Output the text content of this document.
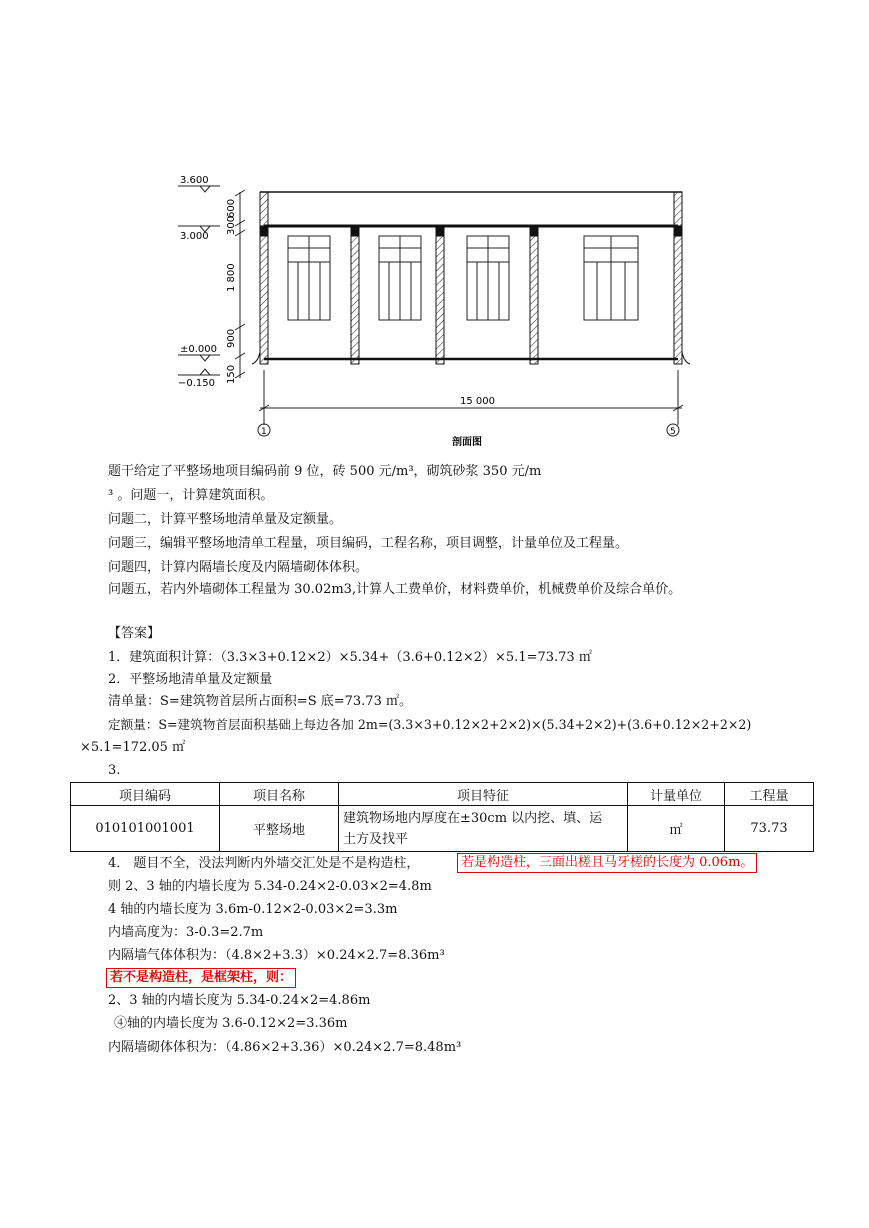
3.600
3.000
±0.000
−0.150
600
300
1 800
900
150
15 000
1	5
剖面图
题干给定了平整场地项目编码前 9 位，砖 500 元/m³，砌筑砂浆 350 元/m
³ 。问题一，计算建筑面积。
问题二，计算平整场地清单量及定额量。
问题三，编辑平整场地清单工程量，项目编码，工程名称，项目调整，计量单位及工程量。
问题四，计算内隔墙长度及内隔墙砌体体积。
问题五，若内外墙砌体工程量为 30.02m3,计算人工费单价，材料费单价，机械费单价及综合单价。
【答案】
1．建筑面积计算：（3.3×3+0.12×2）×5.34+（3.6+0.12×2）×5.1=73.73 ㎡
2．平整场地清单量及定额量
清单量：S=建筑物首层所占面积=S 底=73.73 ㎡。
定额量：S=建筑物首层面积基础上每边各加 2m=(3.3×3+0.12×2+2×2)×(5.34+2×2)+(3.6+0.12×2+2×2)
×5.1=172.05 ㎡
3.
项目编码	项目名称	项目特征	计量单位	工程量
010101001001	平整场地	建筑物场地内厚度在±30cm 以内挖、填、运
土方及找平	㎡	73.73
4． 题目不全，没法判断内外墙交汇处是不是构造柱，	若是构造柱，三面出槎且马牙槎的长度为 0.06m。
则 2、3 轴的内墙长度为 5.34-0.24×2-0.03×2=4.8m
4 轴的内墙长度为 3.6m-0.12×2-0.03×2=3.3m
内墙高度为：3-0.3=2.7m
内隔墙气体体积为：（4.8×2+3.3）×0.24×2.7=8.36m³
若不是构造柱，是框架柱，则：
2、3 轴的内墙长度为 5.34-0.24×2=4.86m
④轴的内墙长度为 3.6-0.12×2=3.36m
内隔墙砌体体积为：（4.86×2+3.36）×0.24×2.7=8.48m³
